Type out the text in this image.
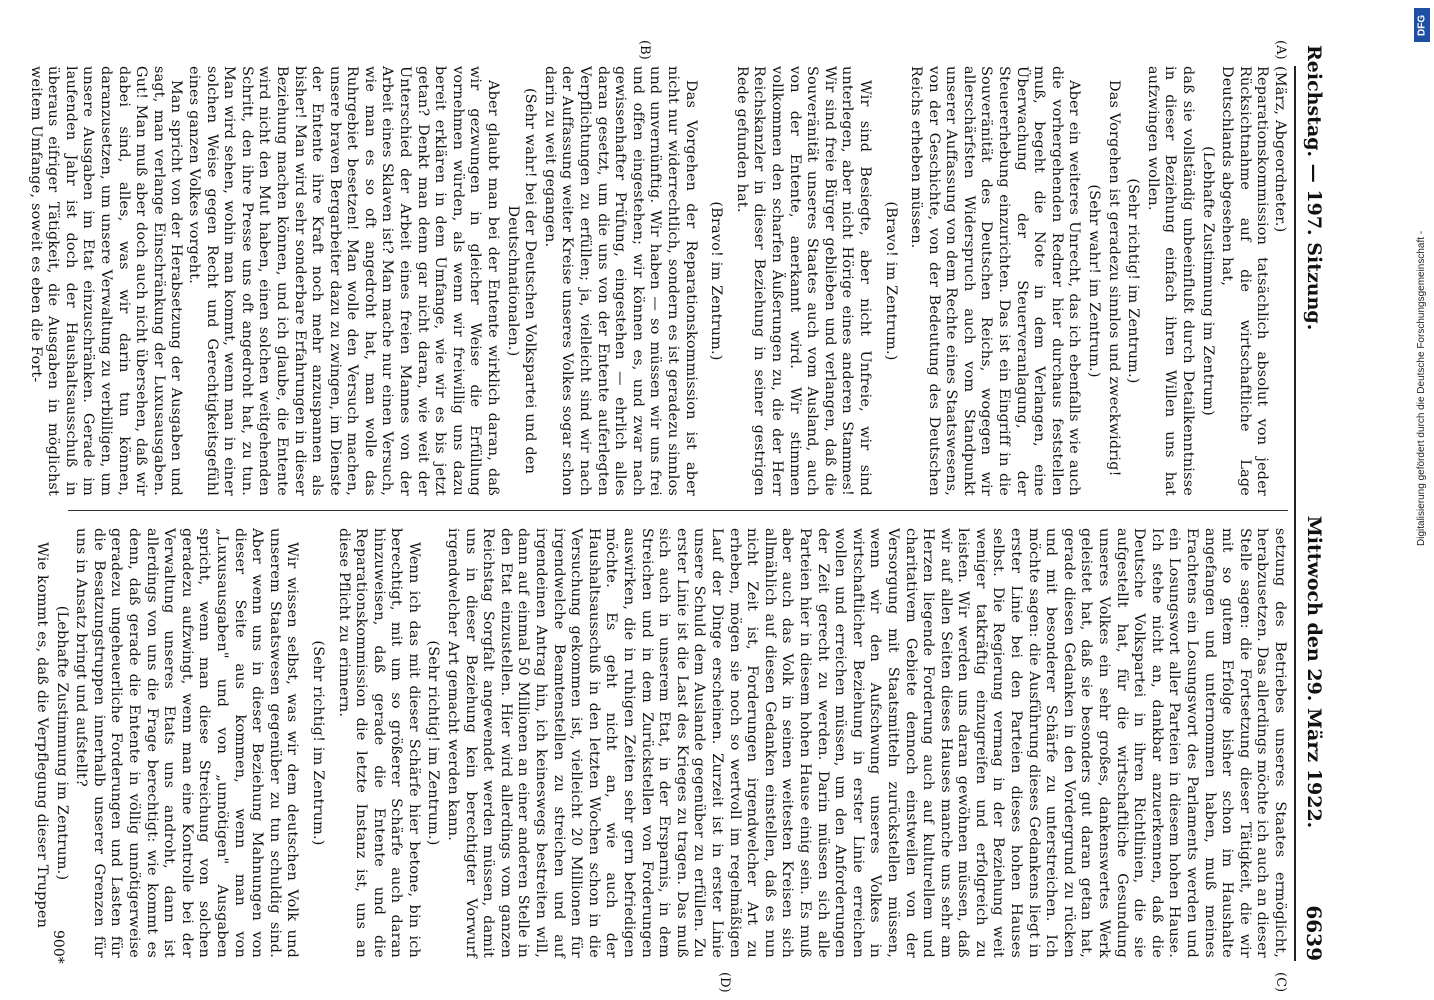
Reichstag. — 197. Sitzung.
Mittwoch den 29. März 1922.
6639
(A)
(B)
(C)
(D)

(März, Abgeordneter.)

Reparationskommission tatsächlich absolut von jeder Rücksichtnahme auf die wirtschaftliche Lage Deutschlands abgesehen hat,

(Lebhafte Zustimmung im Zentrum)

daß sie vollständig unbeeinflußt durch Detailkenntnisse in dieser Beziehung einfach ihren Willen uns hat aufzwingen wollen.

(Sehr richtig! im Zentrum.)

Das Vorgehen ist geradezu sinnlos und zweckwidrig!

(Sehr wahr! im Zentrum.)

Aber ein weiteres Unrecht, das ich ebenfalls wie auch die vorhergehenden Redner hier durchaus feststellen muß, begeht die Note in dem Verlangen, eine Überwachung der Steuerveranlagung, der Steuererhebung einzurichten. Das ist ein Eingriff in die Souveränität des Deutschen Reichs, wogegen wir allerschärfsten Widerspruch auch vom Standpunkt unserer Auffassung von dem Rechte eines Staatswesens, von der Geschichte, von der Bedeutung des Deutschen Reichs erheben müssen.

(Bravo! im Zentrum.)

Wir sind Besiegte, aber nicht Unfreie, wir sind unterlegen, aber nicht Hörige eines anderen Stammes! Wir sind freie Bürger geblieben und verlangen, daß die Souveränität unseres Staates auch vom Ausland, auch von der Entente, anerkannt wird. Wir stimmen vollkommen den scharfen Äußerungen zu, die der Herr Reichskanzler in dieser Beziehung in seiner gestrigen Rede gefunden hat.

(Bravo! im Zentrum.)

Das Vorgehen der Reparationskommission ist aber nicht nur widerrechtlich, sondern es ist geradezu sinnlos und unvernünftig. Wir haben — so müssen wir uns frei und offen eingestehen; wir können es, und zwar nach gewissenhafter Prüfung, eingestehen — ehrlich alles daran gesetzt, um die uns von der Entente auferlegten Verpflichtungen zu erfüllen; ja, vielleicht sind wir nach der Auffassung weiter Kreise unseres Volkes sogar schon darin zu weit gegangen.

(Sehr wahr! bei der Deutschen Volkspartei und den Deutschnationalen.)

Aber glaubt man bei der Entente wirklich daran, daß wir gezwungen in gleicher Weise die Erfüllung vornehmen würden, als wenn wir freiwillig uns dazu bereit erklären in dem Umfange, wie wir es bis jetzt getan? Denkt man denn gar nicht daran, wie weit der Unterschied der Arbeit eines freien Mannes von der Arbeit eines Sklaven ist? Man mache nur einen Versuch, wie man es so oft angedroht hat, man wolle das Ruhrgebiet besetzen! Man wolle den Versuch machen, unsere braven Bergarbeiter dazu zu zwingen, im Dienste der Entente ihre Kraft noch mehr anzuspannen als bisher! Man wird sehr sonderbare Erfahrungen in dieser Beziehung machen können, und ich glaube, die Entente wird nicht den Mut haben, einen solchen weitgehenden Schritt, den ihre Presse uns oft angedroht hat, zu tun. Man wird sehen, wohin man kommt, wenn man in einer solchen Weise gegen Recht und Gerechtigkeitsgefühl eines ganzen Volkes vorgeht.

Man spricht von der Herabsetzung der Ausgaben und sagt, man verlange Einschränkung der Luxusausgaben. Gut! Man muß aber doch auch nicht übersehen, daß wir dabei sind, alles, was wir darin tun können, daranzusetzen, um unsere Verwaltung zu verbilligen, um unsere Ausgaben im Etat einzuschränken. Gerade im laufenden Jahr ist doch der Haushaltsausschuß in überaus eifriger Tätigkeit, die Ausgaben in möglichst weitem Umfange, soweit es eben die Fort-

setzung des Betriebes unseres Staates ermöglicht, herabzusetzen. Das allerdings möchte ich auch an dieser Stelle sagen: die Fortsetzung dieser Tätigkeit, die wir mit so gutem Erfolge bisher schon im Haushalte angefangen und unternommen haben, muß meines Erachtens ein Losungswort des Parlaments werden und ein Losungswort aller Parteien in diesem hohen Hause. Ich stehe nicht an, dankbar anzuerkennen, daß die Deutsche Volkspartei in ihren Richtlinien, die sie aufgestellt hat, für die wirtschaftliche Gesundung unseres Volkes ein sehr großes, dankenswertes Werk geleistet hat, daß sie besonders gut daran getan hat, gerade diesen Gedanken in den Vordergrund zu rücken und mit besonderer Schärfe zu unterstreichen. Ich möchte sagen: die Ausführung dieses Gedankens liegt in erster Linie bei den Parteien dieses hohen Hauses selbst. Die Regierung vermag in der Beziehung weit weniger tatkräftig einzugreifen und erfolgreich zu leisten. Wir werden uns daran gewöhnen müssen, daß wir auf allen Seiten dieses Hauses manche uns sehr am Herzen liegende Forderung auch auf kulturellem und charitativem Gebiete dennoch einstweilen von der Versorgung mit Staatsmitteln zurückstellen müssen, wenn wir den Aufschwung unseres Volkes in wirtschaftlicher Beziehung in erster Linie erreichen wollen und erreichen müssen, um den Anforderungen der Zeit gerecht zu werden. Darin müssen sich alle Parteien hier in diesem hohen Hause einig sein. Es muß aber auch das Volk in seinen weitesten Kreisen sich allmählich auf diesen Gedanken einstellen, daß es nun nicht Zeit ist, Forderungen irgendwelcher Art zu erheben, mögen sie noch so wertvoll im regelmäßigen Lauf der Dinge erscheinen. Zurzeit ist in erster Linie unsere Schuld dem Auslande gegenüber zu erfüllen. Zu erster Linie ist die Last des Krieges zu tragen. Das muß sich auch in unserem Etat, in der Ersparnis, in dem Streichen und in dem Zurückstellen von Forderungen auswirken, die in ruhigen Zeiten sehr gern befriedigen möchte. Es geht nicht an, wie auch der Haushaltsausschuß in den letzten Wochen schon in die Versuchung gekommen ist, vielleicht 20 Millionen für irgendwelche Beamtenstellen zu streichen und auf irgendeinen Antrag hin, ich keineswegs bestreiten will, dann auf einmal 50 Millionen an einer anderen Stelle in den Etat einzustellen. Hier wird allerdings vom ganzen Reichstag Sorgfalt angewendet werden müssen, damit uns in dieser Beziehung kein berechtigter Vorwurf irgendwelcher Art gemacht werden kann.

(Sehr richtig! im Zentrum.)

Wenn ich das mit dieser Schärfe hier betone, bin ich berechtigt, mit um so größerer Schärfe auch daran hinzuweisen, daß gerade die Entente und die Reparationskommission die letzte Instanz ist, uns an diese Pflicht zu erinnern.

(Sehr richtig! im Zentrum.)

Wir wissen selbst, was wir dem deutschen Volk und unserem Staatswesen gegenüber zu tun schuldig sind. Aber wenn uns in dieser Beziehung Mahnungen von dieser Seite aus kommen, wenn man von „Luxusausgaben" und von „unnötigen" Ausgaben spricht, wenn man diese Streichung von solchen geradezu aufzwingt, wenn man eine Kontrolle bei der Verwaltung unseres Etats uns androht, dann ist allerdings von uns die Frage berechtigt: wie kommt es denn, daß gerade die Entente in völlig unnötigerweise geradezu ungeheuerliche Forderungen und Lasten für die Besatzungstruppen innerhalb unserer Grenzen für uns in Ansatz bringt und aufstellt?

(Lebhafte Zustimmung im Zentrum.)

Wie kommt es, daß die Verpflegung dieser Truppen

900*
DFG
Digitalisierung gefördert durch die Deutsche Forschungsgemeinschaft -
